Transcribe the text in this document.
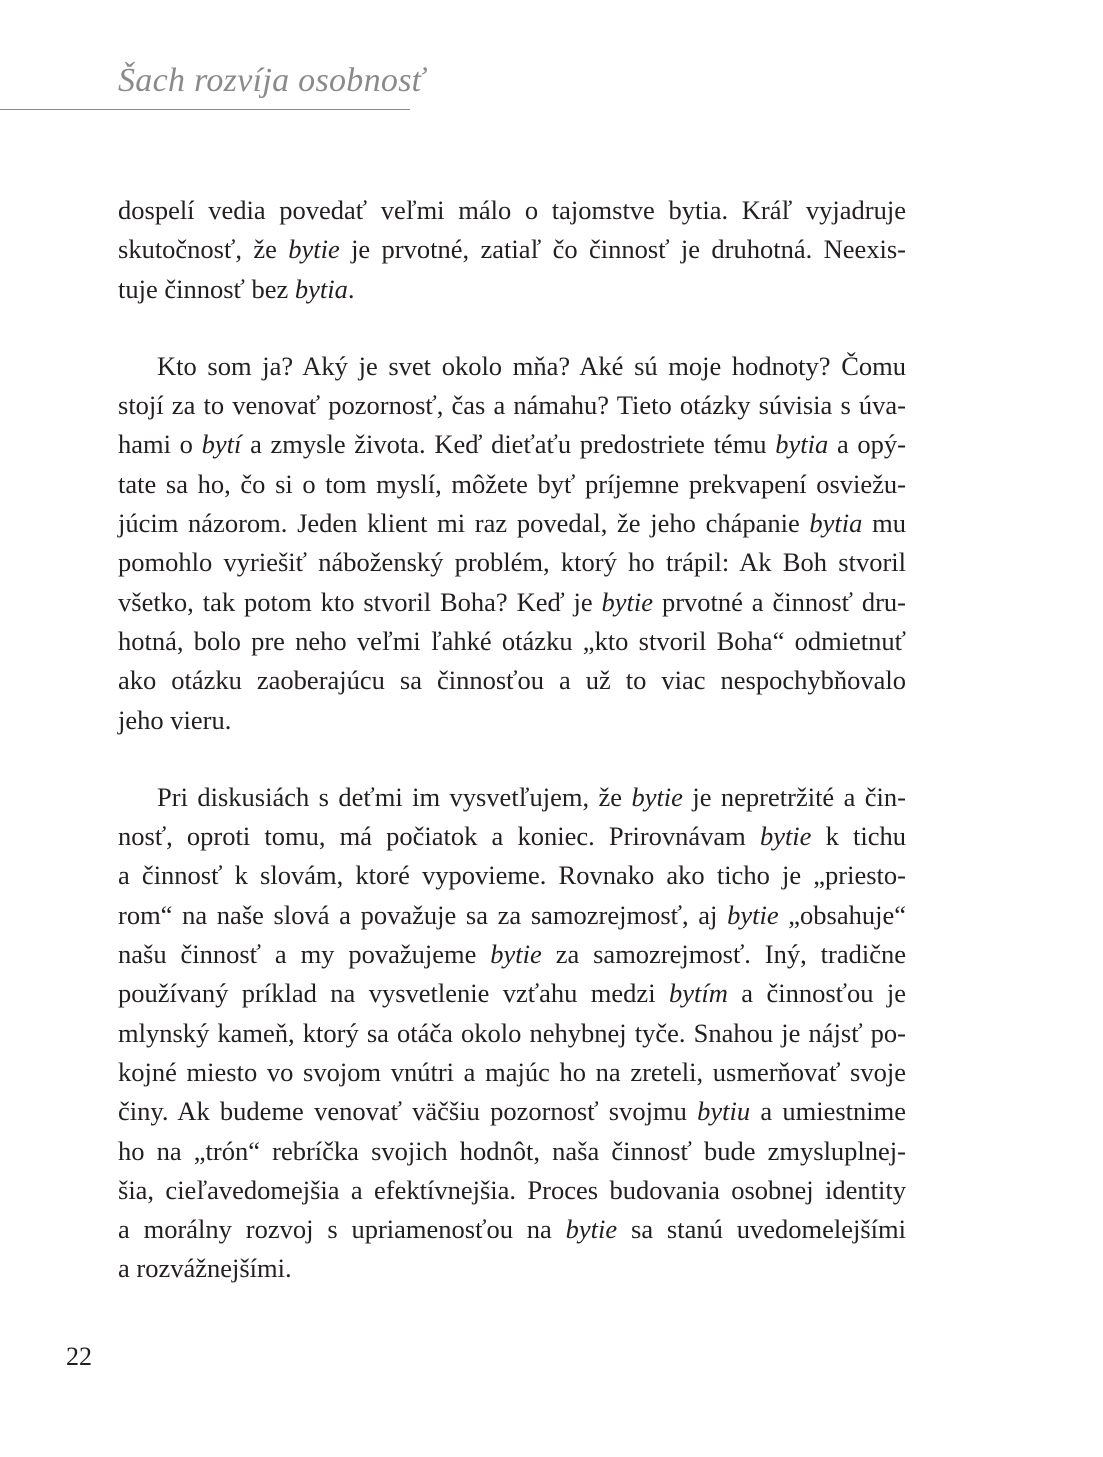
Šach rozvíja osobnosť

dospelí vedia povedať veľmi málo o tajomstve bytia. Kráľ vyjadruje
skutočnosť, že bytie je prvotné, zatiaľ čo činnosť je druhotná. Neexis-
tuje činnosť bez bytia.

Kto som ja? Aký je svet okolo mňa? Aké sú moje hodnoty? Čomu
stojí za to venovať pozornosť, čas a námahu? Tieto otázky súvisia s úva-
hami o bytí a zmysle života. Keď dieťaťu predostriete tému bytia a opý-
tate sa ho, čo si o tom myslí, môžete byť príjemne prekvapení osviežu-
júcim názorom. Jeden klient mi raz povedal, že jeho chápanie bytia mu
pomohlo vyriešiť náboženský problém, ktorý ho trápil: Ak Boh stvoril
všetko, tak potom kto stvoril Boha? Keď je bytie prvotné a činnosť dru-
hotná, bolo pre neho veľmi ľahké otázku „kto stvoril Boha“ odmietnuť
ako otázku zaoberajúcu sa činnosťou a už to viac nespochybňovalo
jeho vieru.

Pri diskusiách s deťmi im vysvetľujem, že bytie je nepretržité a čin-
nosť, oproti tomu, má počiatok a koniec. Prirovnávam bytie k tichu
a činnosť k slovám, ktoré vypovieme. Rovnako ako ticho je „priesto-
rom“ na naše slová a považuje sa za samozrejmosť, aj bytie „obsahuje“
našu činnosť a my považujeme bytie za samozrejmosť. Iný, tradične
používaný príklad na vysvetlenie vzťahu medzi bytím a činnosťou je
mlynský kameň, ktorý sa otáča okolo nehybnej tyče. Snahou je nájsť po-
kojné miesto vo svojom vnútri a majúc ho na zreteli, usmerňovať svoje
činy. Ak budeme venovať väčšiu pozornosť svojmu bytiu a umiestnime
ho na „trón“ rebríčka svojich hodnôt, naša činnosť bude zmysluplnej-
šia, cieľavedomejšia a efektívnejšia. Proces budovania osobnej identity
a morálny rozvoj s upriamenosťou na bytie sa stanú uvedomelejšími
a rozvážnejšími.

22
